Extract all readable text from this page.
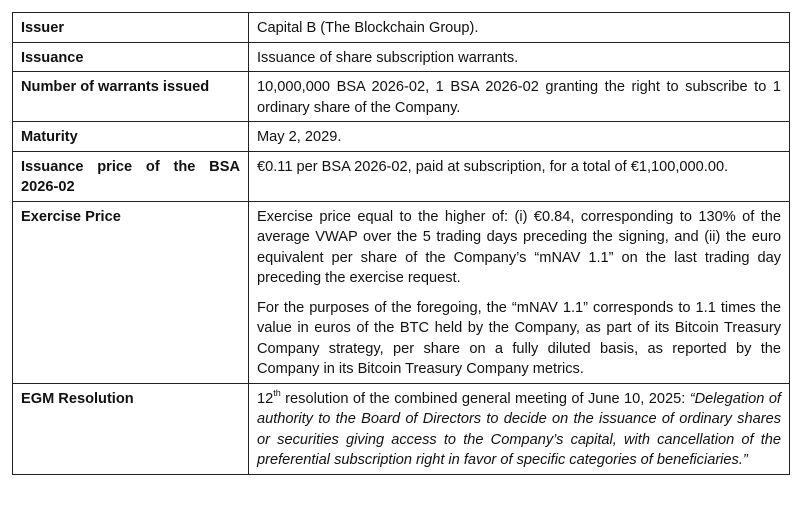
Issuer	Capital B (The Blockchain Group).

Issuance	Issuance of share subscription warrants.

Number of warrants issued	10,000,000 BSA 2026-02, 1 BSA 2026-02 granting the right to subscribe to 1 ordinary share of the Company.

Maturity	May 2, 2029.

Issuance price of the BSA 2026-02	€0.11 per BSA 2026-02, paid at subscription, for a total of €1,100,000.00.

Exercise Price	Exercise price equal to the higher of: (i) €0.84, corresponding to 130% of the average VWAP over the 5 trading days preceding the signing, and (ii) the euro equivalent per share of the Company’s “mNAV 1.1” on the last trading day preceding the exercise request.

For the purposes of the foregoing, the “mNAV 1.1” corresponds to 1.1 times the value in euros of the BTC held by the Company, as part of its Bitcoin Treasury Company strategy, per share on a fully diluted basis, as reported by the Company in its Bitcoin Treasury Company metrics.

EGM Resolution	12th resolution of the combined general meeting of June 10, 2025: “Delegation of authority to the Board of Directors to decide on the issuance of ordinary shares or securities giving access to the Company’s capital, with cancellation of the preferential subscription right in favor of specific categories of beneficiaries.”
